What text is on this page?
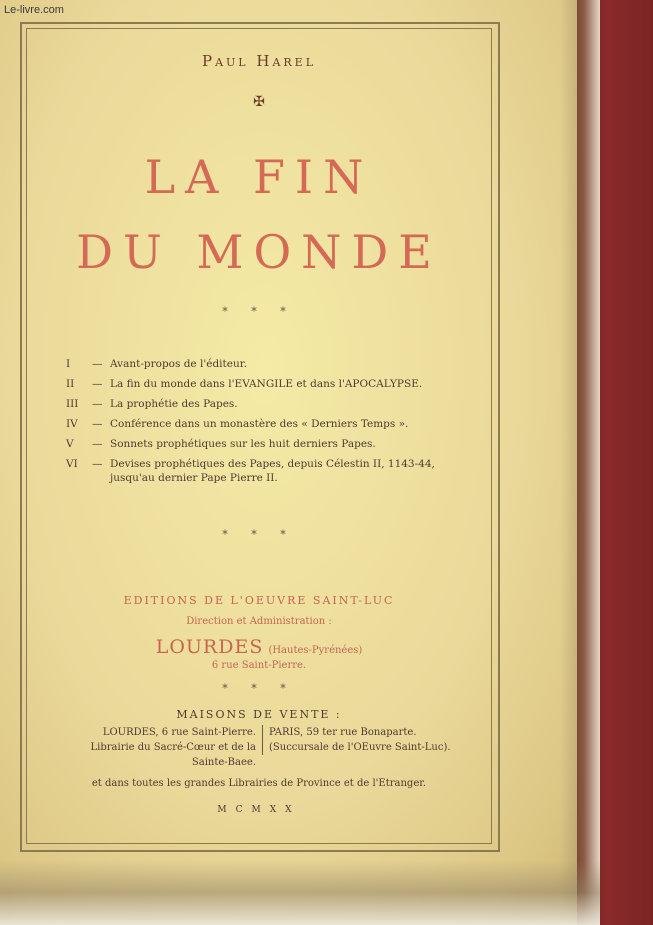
Le-livre.com
Paul Harel
✠
LA FIN
DU MONDE
* * *
I	— Avant-propos de l'éditeur.
II	— La fin du monde dans l'EVANGILE et dans l'APOCALYPSE.
III	— La prophétie des Papes.
IV	— Conférence dans un monastère des « Derniers Temps ».
V	— Sonnets prophétiques sur les huit derniers Papes.
VI	— Devises prophétiques des Papes, depuis Célestin II, 1143-44, jusqu'au dernier Pape Pierre II.
* * *
EDITIONS DE L'OEUVRE SAINT-LUC
Direction et Administration :
LOURDES (Hautes-Pyrénées)
6 rue Saint-Pierre.
* * *
MAISONS DE VENTE :
LOURDES, 6 rue Saint-Pierre. Librairie du Sacré-Cœur et de la Sainte-Baee.
PARIS, 59 ter rue Bonaparte. (Succursale de l'OEuvre Saint-Luc).
et dans toutes les grandes Librairies de Province et de l'Etranger.
MCMXX
